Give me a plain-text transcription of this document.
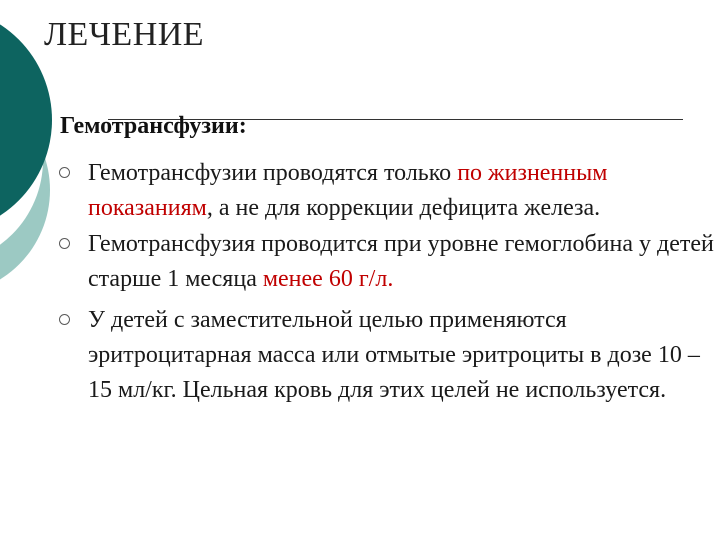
ЛЕЧЕНИЕ
Гемотрансфузии:
Гемотрансфузии проводятся только по жизненным показаниям, а не для коррекции дефицита железа.
Гемотрансфузия проводится при уровне гемоглобина у детей старше 1 месяца менее 60 г/л.
У детей с заместительной целью применяются эритроцитарная масса или отмытые эритроциты в дозе 10 – 15 мл/кг. Цельная кровь для этих целей не используется.
